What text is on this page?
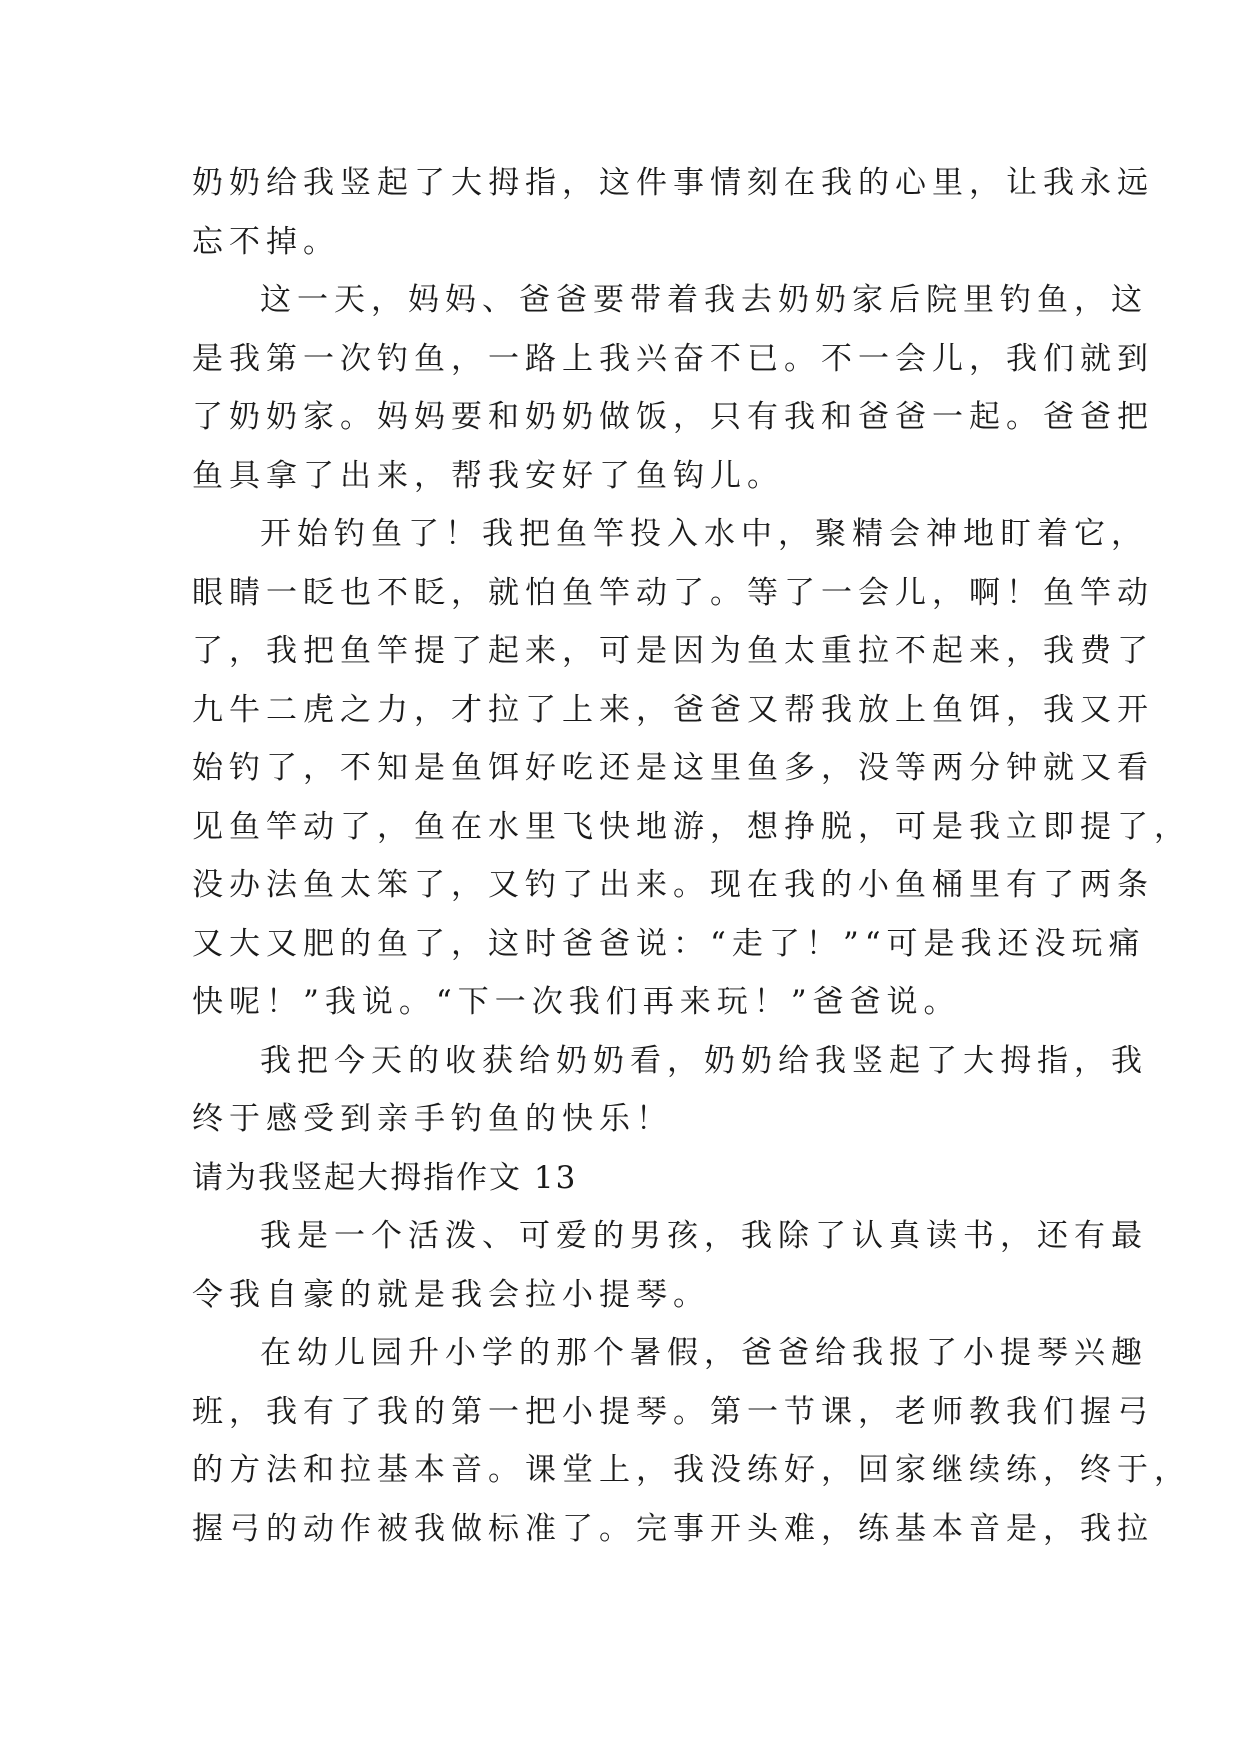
奶奶给我竖起了大拇指，这件事情刻在我的心里，让我永远
忘不掉。
这一天，妈妈、爸爸要带着我去奶奶家后院里钓鱼，这
是我第一次钓鱼，一路上我兴奋不已。不一会儿，我们就到
了奶奶家。妈妈要和奶奶做饭，只有我和爸爸一起。爸爸把
鱼具拿了出来，帮我安好了鱼钩儿。
开始钓鱼了！我把鱼竿投入水中，聚精会神地盯着它，
眼睛一眨也不眨，就怕鱼竿动了。等了一会儿，啊！鱼竿动
了，我把鱼竿提了起来，可是因为鱼太重拉不起来，我费了
九牛二虎之力，才拉了上来，爸爸又帮我放上鱼饵，我又开
始钓了，不知是鱼饵好吃还是这里鱼多，没等两分钟就又看
见鱼竿动了，鱼在水里飞快地游，想挣脱，可是我立即提了，
没办法鱼太笨了，又钓了出来。现在我的小鱼桶里有了两条
又大又肥的鱼了，这时爸爸说：“走了！”“可是我还没玩痛
快呢！”我说。“下一次我们再来玩！”爸爸说。
我把今天的收获给奶奶看，奶奶给我竖起了大拇指，我
终于感受到亲手钓鱼的快乐！
请为我竖起大拇指作文 13
我是一个活泼、可爱的男孩，我除了认真读书，还有最
令我自豪的就是我会拉小提琴。
在幼儿园升小学的那个暑假，爸爸给我报了小提琴兴趣
班，我有了我的第一把小提琴。第一节课，老师教我们握弓
的方法和拉基本音。课堂上，我没练好，回家继续练，终于，
握弓的动作被我做标准了。完事开头难，练基本音是，我拉
